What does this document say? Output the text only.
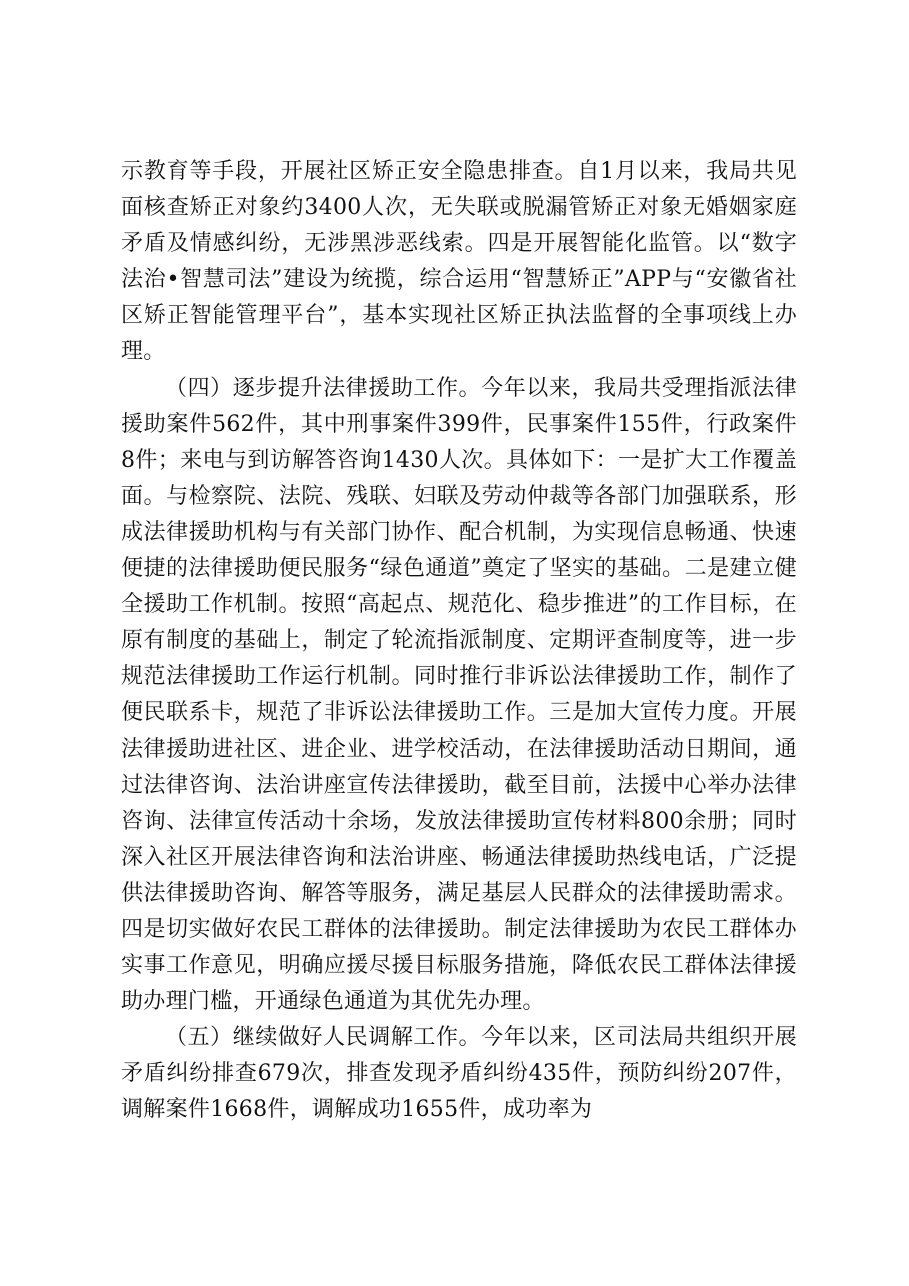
示教育等手段，开展社区矫正安全隐患排查。自1月以来，我局共见面核查矫正对象约3400人次，无失联或脱漏管矫正对象无婚姻家庭矛盾及情感纠纷，无涉黑涉恶线索。四是开展智能化监管。以“数字法治•智慧司法”建设为统揽，综合运用“智慧矫正”APP与“安徽省社区矫正智能管理平台”，基本实现社区矫正执法监督的全事项线上办理。

（四）逐步提升法律援助工作。今年以来，我局共受理指派法律援助案件562件，其中刑事案件399件，民事案件155件，行政案件8件；来电与到访解答咨询1430人次。具体如下：一是扩大工作覆盖面。与检察院、法院、残联、妇联及劳动仲裁等各部门加强联系，形成法律援助机构与有关部门协作、配合机制，为实现信息畅通、快速便捷的法律援助便民服务“绿色通道”奠定了坚实的基础。二是建立健全援助工作机制。按照“高起点、规范化、稳步推进”的工作目标，在原有制度的基础上，制定了轮流指派制度、定期评查制度等，进一步规范法律援助工作运行机制。同时推行非诉讼法律援助工作，制作了便民联系卡，规范了非诉讼法律援助工作。三是加大宣传力度。开展法律援助进社区、进企业、进学校活动，在法律援助活动日期间，通过法律咨询、法治讲座宣传法律援助，截至目前，法援中心举办法律咨询、法律宣传活动十余场，发放法律援助宣传材料800余册；同时深入社区开展法律咨询和法治讲座、畅通法律援助热线电话，广泛提供法律援助咨询、解答等服务，满足基层人民群众的法律援助需求。四是切实做好农民工群体的法律援助。制定法律援助为农民工群体办实事工作意见，明确应援尽援目标服务措施，降低农民工群体法律援助办理门槛，开通绿色通道为其优先办理。

（五）继续做好人民调解工作。今年以来，区司法局共组织开展矛盾纠纷排查679次，排查发现矛盾纠纷435件，预防纠纷207件，调解案件1668件，调解成功1655件，成功率为
